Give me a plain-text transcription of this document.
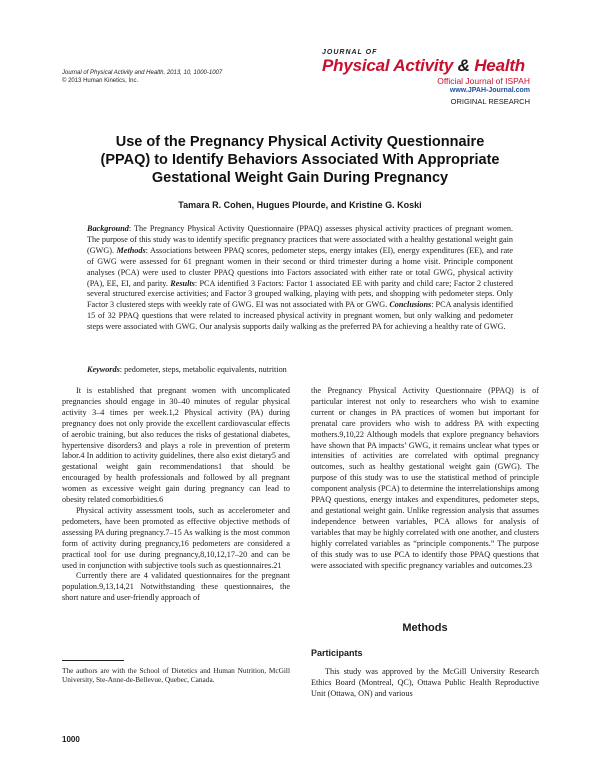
Journal of Physical Activity and Health, 2013, 10, 1000-1007
© 2013 Human Kinetics, Inc.
JOURNAL OF
Physical Activity & Health
Official Journal of ISPAH
www.JPAH-Journal.com
ORIGINAL RESEARCH
Use of the Pregnancy Physical Activity Questionnaire
(PPAQ) to Identify Behaviors Associated With Appropriate
Gestational Weight Gain During Pregnancy
Tamara R. Cohen, Hugues Plourde, and Kristine G. Koski

Background: The Pregnancy Physical Activity Questionnaire (PPAQ) assesses physical activity practices of pregnant women. The purpose of this study was to identify specific pregnancy practices that were associated with a healthy gestational weight gain (GWG). Methods: Associations between PPAQ scores, pedometer steps, energy intakes (EI), energy expenditures (EE), and rate of GWG were assessed for 61 pregnant women in their second or third trimester during a home visit. Principle component analyses (PCA) were used to cluster PPAQ questions into Factors associated with either rate or total GWG, physical activity (PA), EE, EI, and parity. Results: PCA identified 3 Factors: Factor 1 associated EE with parity and child care; Factor 2 clustered several structured exercise activities; and Factor 3 grouped walking, playing with pets, and shopping with pedometer steps. Only Factor 3 clustered steps with weekly rate of GWG. EI was not associated with PA or GWG. Conclusions: PCA analysis identified 15 of 32 PPAQ questions that were related to increased physical activity in pregnant women, but only walking and pedometer steps were associated with GWG. Our analysis supports daily walking as the preferred PA for achieving a healthy rate of GWG.

Keywords: pedometer, steps, metabolic equivalents, nutrition

It is established that pregnant women with uncomplicated pregnancies should engage in 30–40 minutes of regular physical activity 3–4 times per week.1,2 Physical activity (PA) during pregnancy does not only provide the excellent cardiovascular effects of aerobic training, but also reduces the risks of gestational diabetes, hypertensive disorders3 and plays a role in prevention of preterm labor.4 In addition to activity guidelines, there also exist dietary5 and gestational weight gain recommendations1 that should be encouraged by health professionals and followed by all pregnant women as excessive weight gain during pregnancy can lead to obesity related comorbidities.6

Physical activity assessment tools, such as accelerometer and pedometers, have been promoted as effective objective methods of assessing PA during pregnancy.7–15 As walking is the most common form of activity during pregnancy,16 pedometers are considered a practical tool for use during pregnancy,8,10,12,17–20 and can be used in conjunction with subjective tools such as questionnaires.21

Currently there are 4 validated questionnaires for the pregnant population.9,13,14,21 Notwithstanding these questionnaires, the short nature and user-friendly approach of

The authors are with the School of Dietetics and Human Nutrition, McGill University, Ste-Anne-de-Bellevue, Quebec, Canada.

the Pregnancy Physical Activity Questionnaire (PPAQ) is of particular interest not only to researchers who wish to examine current or changes in PA practices of women but important for prenatal care providers who wish to address PA with expecting mothers.9,10,22 Although models that explore pregnancy behaviors have shown that PA impacts’ GWG, it remains unclear what types or intensities of activities are correlated with optimal pregnancy outcomes, such as healthy gestational weight gain (GWG). The purpose of this study was to use the statistical method of principle component analysis (PCA) to determine the interrelationships among PPAQ questions, energy intakes and expenditures, pedometer steps, and gestational weight gain. Unlike regression analysis that assumes independence between variables, PCA allows for analysis of variables that may be highly correlated with one another, and clusters highly correlated variables as “principle components.” The purpose of this study was to use PCA to identify those PPAQ questions that were associated with specific pregnancy variables and outcomes.23

Methods
Participants

This study was approved by the McGill University Research Ethics Board (Montreal, QC), Ottawa Public Health Reproductive Unit (Ottawa, ON) and various

1000
